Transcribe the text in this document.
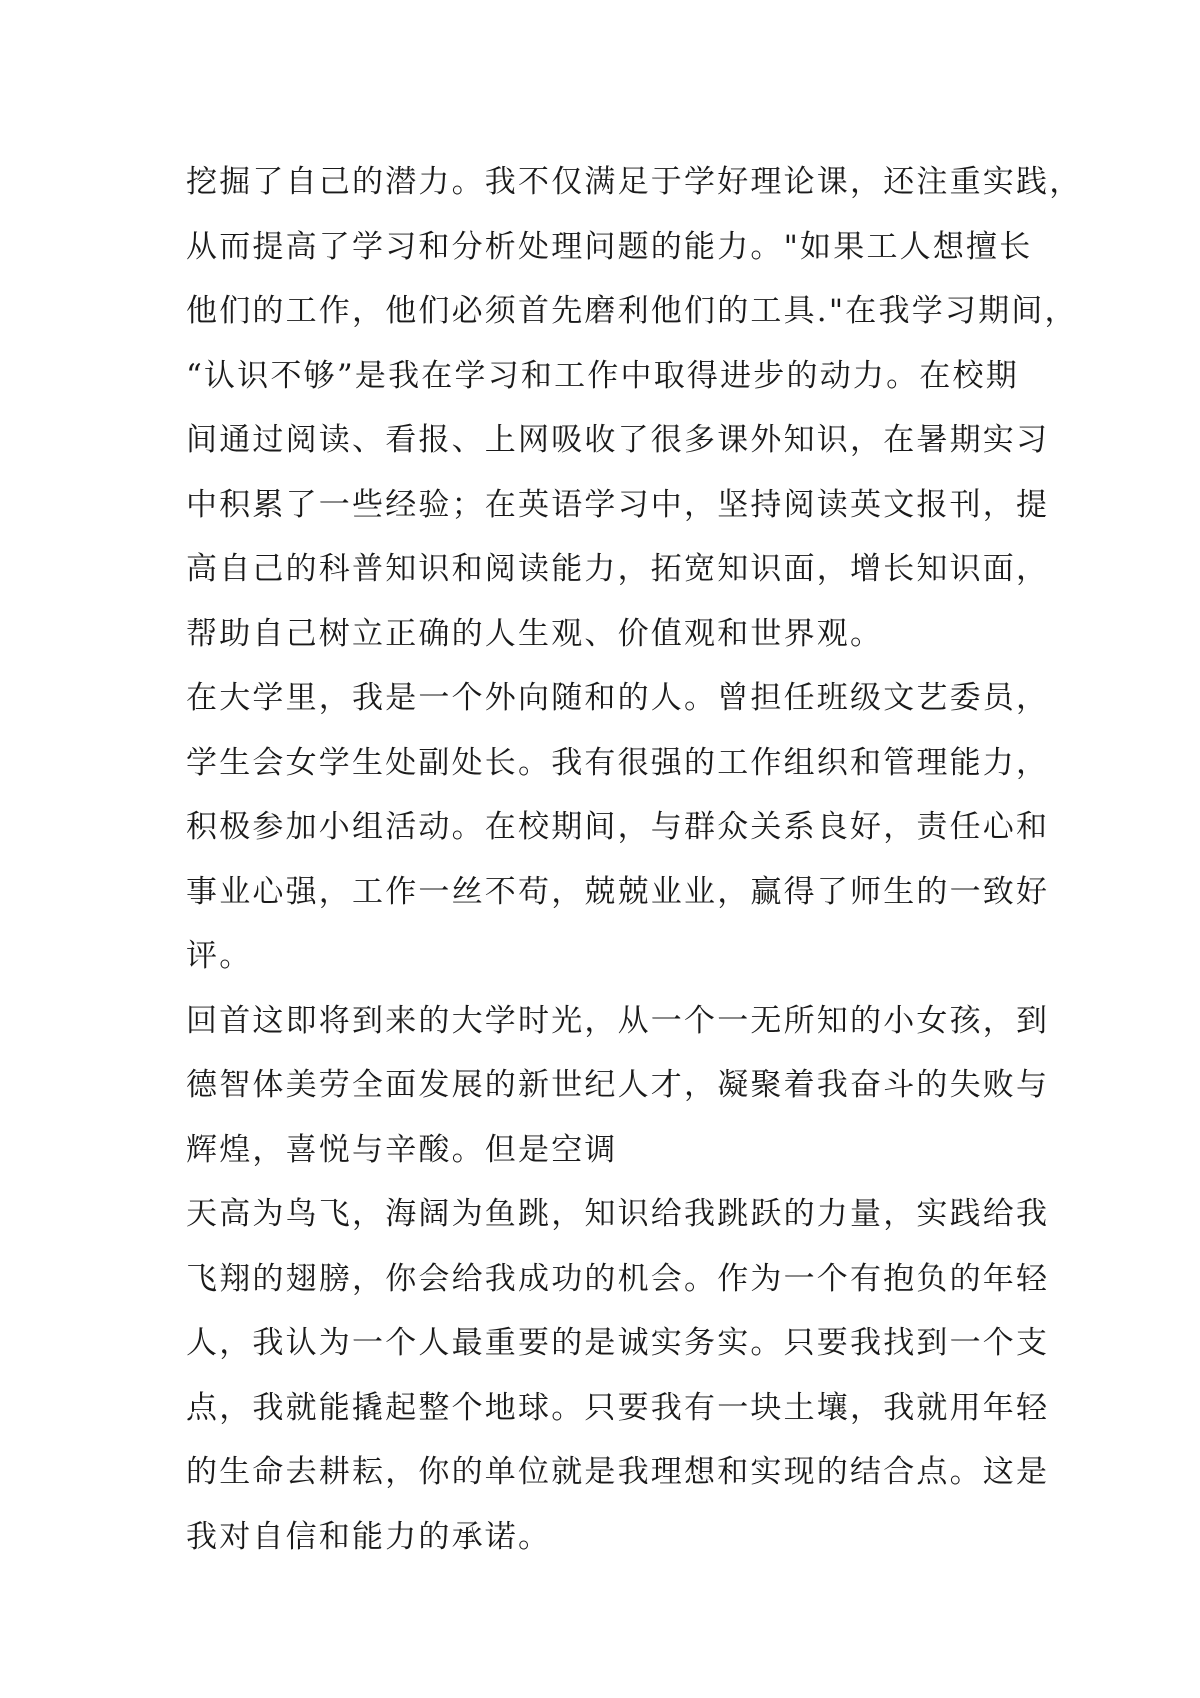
挖掘了自己的潜力。我不仅满足于学好理论课，还注重实践，
从而提高了学习和分析处理问题的能力。"如果工人想擅长
他们的工作，他们必须首先磨利他们的工具."在我学习期间，
“认识不够”是我在学习和工作中取得进步的动力。在校期
间通过阅读、看报、上网吸收了很多课外知识，在暑期实习
中积累了一些经验；在英语学习中，坚持阅读英文报刊，提
高自己的科普知识和阅读能力，拓宽知识面，增长知识面，
帮助自己树立正确的人生观、价值观和世界观。
在大学里，我是一个外向随和的人。曾担任班级文艺委员，
学生会女学生处副处长。我有很强的工作组织和管理能力，
积极参加小组活动。在校期间，与群众关系良好，责任心和
事业心强，工作一丝不苟，兢兢业业，赢得了师生的一致好
评。
回首这即将到来的大学时光，从一个一无所知的小女孩，到
德智体美劳全面发展的新世纪人才，凝聚着我奋斗的失败与
辉煌，喜悦与辛酸。但是空调
天高为鸟飞，海阔为鱼跳，知识给我跳跃的力量，实践给我
飞翔的翅膀，你会给我成功的机会。作为一个有抱负的年轻
人，我认为一个人最重要的是诚实务实。只要我找到一个支
点，我就能撬起整个地球。只要我有一块土壤，我就用年轻
的生命去耕耘，你的单位就是我理想和实现的结合点。这是
我对自信和能力的承诺。
